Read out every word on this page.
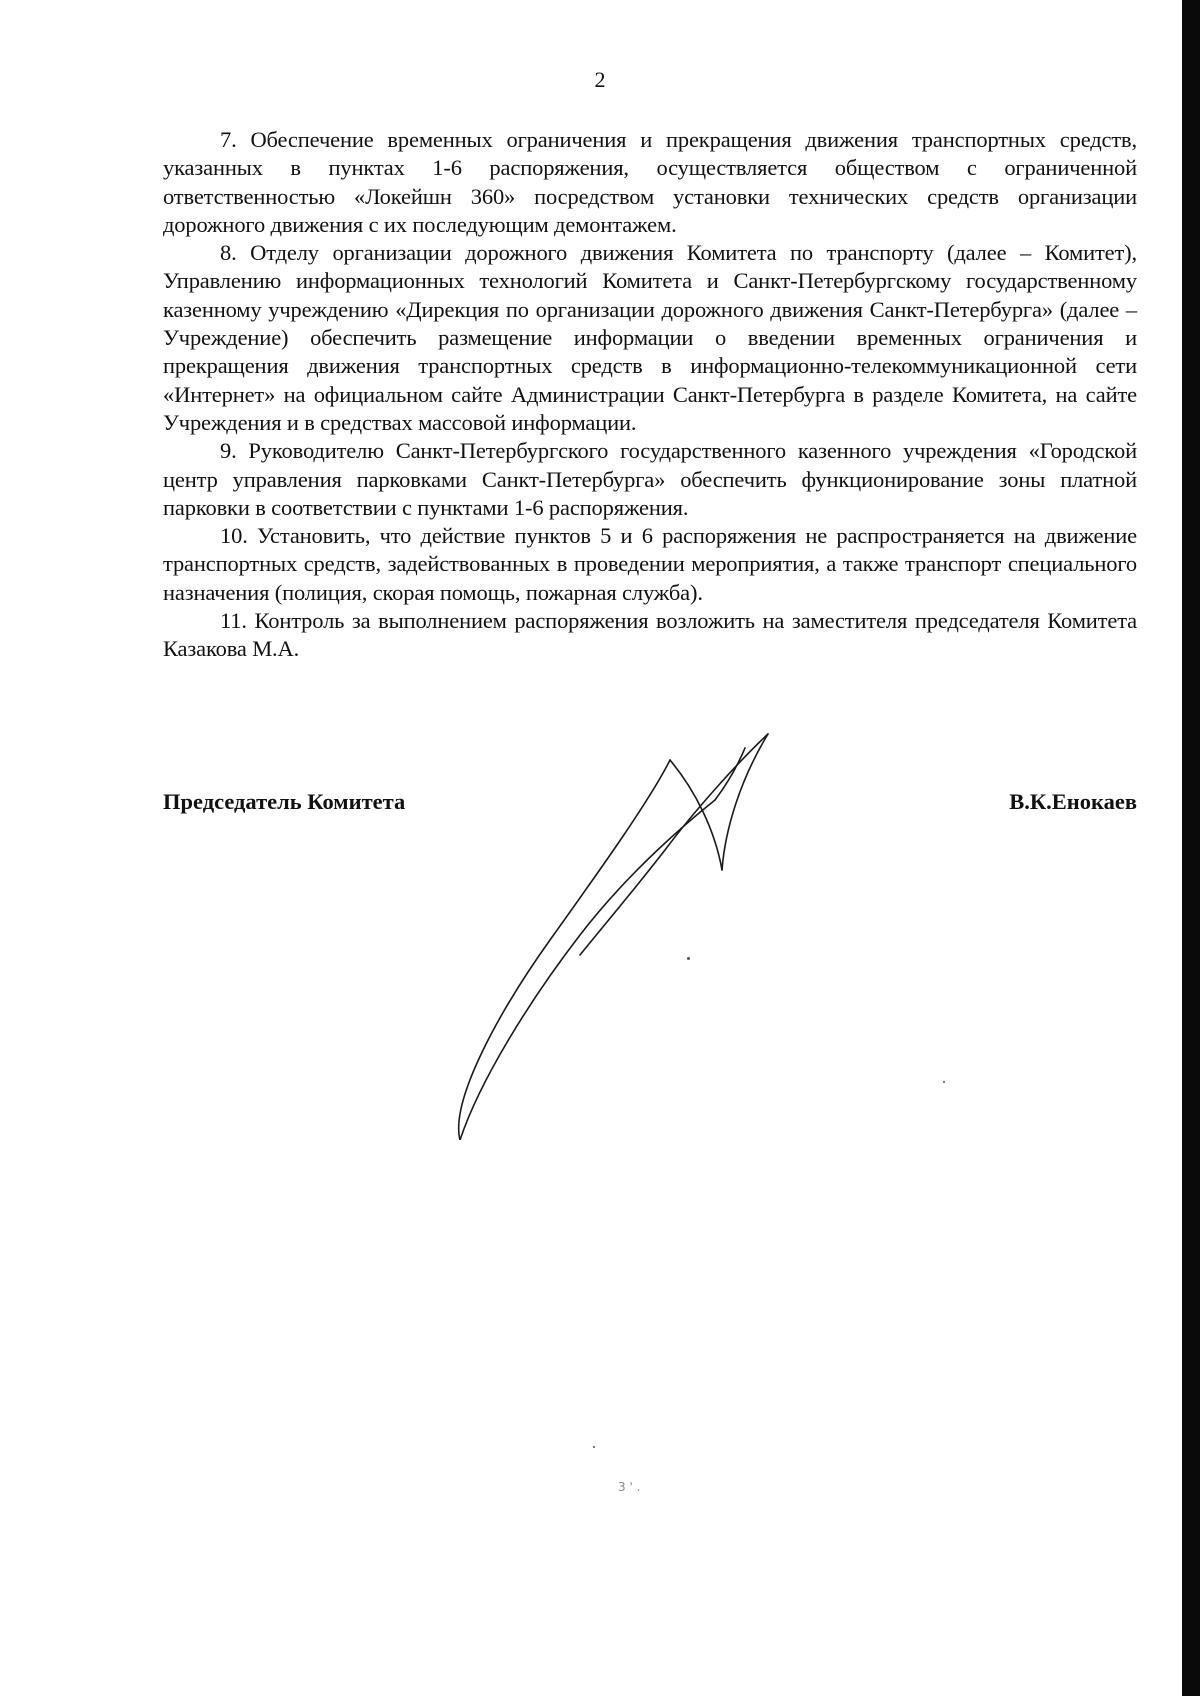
2

7. Обеспечение временных ограничения и прекращения движения транспортных средств, указанных в пунктах 1-6 распоряжения, осуществляется обществом с ограниченной ответственностью «Локейшн 360» посредством установки технических средств организации дорожного движения с их последующим демонтажем.

8. Отделу организации дорожного движения Комитета по транспорту (далее – Комитет), Управлению информационных технологий Комитета и Санкт-Петербургскому государственному казенному учреждению «Дирекция по организации дорожного движения Санкт-Петербурга» (далее – Учреждение) обеспечить размещение информации о введении временных ограничения и прекращения движения транспортных средств в информационно-телекоммуникационной сети «Интернет» на официальном сайте Администрации Санкт-Петербурга в разделе Комитета, на сайте Учреждения и в средствах массовой информации.

9. Руководителю Санкт-Петербургского государственного казенного учреждения «Городской центр управления парковками Санкт-Петербурга» обеспечить функционирование зоны платной парковки в соответствии с пунктами 1-6 распоряжения.

10. Установить, что действие пунктов 5 и 6 распоряжения не распространяется на движение транспортных средств, задействованных в проведении мероприятия, а также транспорт специального назначения (полиция, скорая помощь, пожарная служба).

11. Контроль за выполнением распоряжения возложить на заместителя председателя Комитета Казакова М.А.

Председатель Комитета	В.К.Енокаев
3 ' .
